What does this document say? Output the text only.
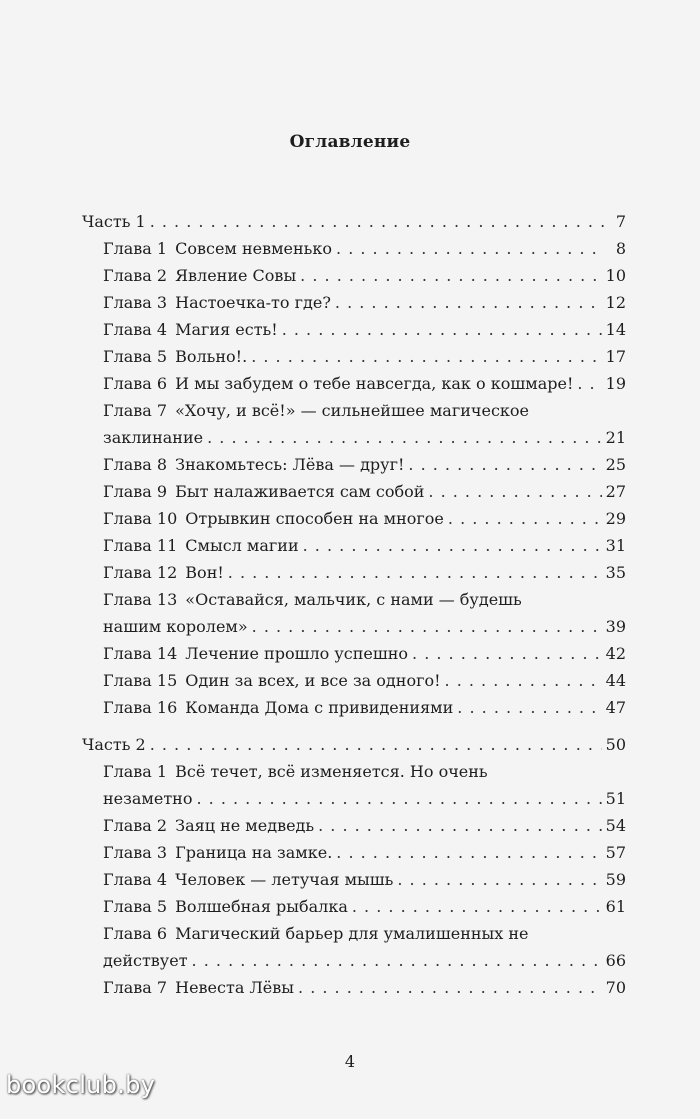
Оглавление
Часть 1 . . .	7
Глава 1 Совсем невменько . . .	8
Глава 2 Явление Совы . . .	10
Глава 3 Настоечка-то где? . . .	12
Глава 4 Магия есть! . . .	14
Глава 5 Вольно!. . . .	17
Глава 6 И мы забудем о тебе навсегда, как о кошмаре! . . . 19
Глава 7 «Хочу, и всё!» — сильнейшее магическое
заклинание . . .	21
Глава 8 Знакомьтесь: Лёва — друг! . . .	25
Глава 9 Быт налаживается сам собой . . .	27
Глава 10 Отрывкин способен на многое . . .	29
Глава 11 Смысл магии . . .	31
Глава 12 Вон! . . .	35
Глава 13 «Оставайся, мальчик, с нами — будешь
нашим королем» . . .	39
Глава 14 Лечение прошло успешно . . .	42
Глава 15 Один за всех, и все за одного! . . .	44
Глава 16 Команда Дома с привидениями . . .	47
Часть 2 . . .	50
Глава 1 Всё течет, всё изменяется. Но очень
незаметно . . .	51
Глава 2 Заяц не медведь . . .	54
Глава 3 Граница на замке. . . .	57
Глава 4 Человек — летучая мышь . . .	59
Глава 5 Волшебная рыбалка . . .	61
Глава 6 Магический барьер для умалишенных не
действует . . .	66
Глава 7 Невеста Лёвы . . .	70
4
bookclub.by
